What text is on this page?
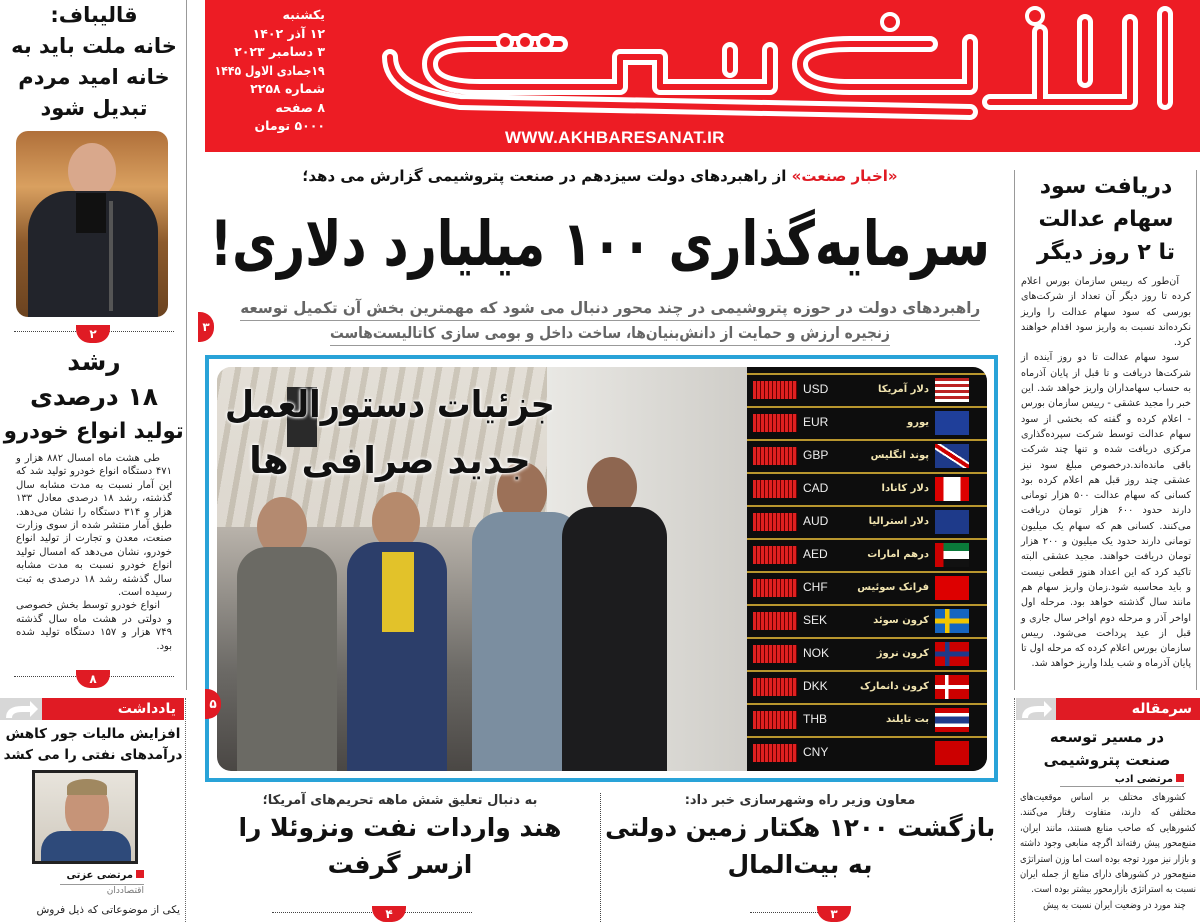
قالیباف:
خانه ملت باید به
خانه امید مردم
تبدیل شود
۲
رشد
۱۸ درصدی
تولید انواع خودرو

طی هشت ماه امسال ۸۸۲ هزار و ۴۷۱ دستگاه انواع خودرو تولید شد که این آمار نسبت به مدت مشابه سال گذشته، رشد ۱۸ درصدی معادل ۱۳۳ هزار و ۳۱۴ دستگاه را نشان می‌دهد. طبق آمار منتشر شده از سوی وزارت صنعت، معدن و تجارت از تولید انواع خودرو، نشان می‌دهد که امسال تولید انواع خودرو نسبت به مدت مشابه سال گذشته رشد ۱۸ درصدی به ثبت رسیده است.

انواع خودرو توسط بخش خصوصی و دولتی در هشت ماه سال گذشته ۷۴۹ هزار و ۱۵۷ دستگاه تولید شده بود.

۸
یادداشت
افزایش مالیات جور کاهش
درآمدهای نفتی را می کشد
مرتضی عزتی
اقتصاددان
یکی از موضوعاتی که ذیل فروش
یکشنبه
۱۲ آذر ۱۴۰۲
۳ دسامبر ۲۰۲۳
۱۹جمادی الاول ۱۴۴۵
شماره ۲۲۵۸
۸ صفحه
۵۰۰۰ تومان
WWW.AKHBARESANAT.IR
«اخبار صنعت» از راهبردهای دولت سیزدهم در صنعت پتروشیمی گزارش می دهد؛
سرمایه‌گذاری ۱۰۰ میلیارد دلاری!
راهبردهای دولت در حوزه پتروشیمی در چند محور دنبال می شود که مهمترین بخش آن تکمیل توسعه
زنجیره ارزش و حمایت از دانش‌بنیان‌ها، ساخت داخل و بومی سازی کاتالیست‌هاست
۳
USD	دلار آمریکا
EUR	یورو
GBP	پوند انگلیس
CAD	دلار کانادا
AUD	دلار استرالیا
AED	درهم امارات
CHF	فرانک سوئیس
SEK	کرون سوئد
NOK	کرون نروژ
DKK	کرون دانمارک
THB	بت تایلند
CNY
جزئیات دستورالعمل
جدید صرافی ها
۵
معاون وزیر راه وشهرسازی خبر داد:
بازگشت ۱۲۰۰ هکتار زمین دولتی
به بیت‌المال
۳
به دنبال تعلیق شش ماهه تحریم‌های آمریکا؛
هند واردات نفت ونزوئلا را
ازسر گرفت
۴
دریافت سود
سهام عدالت
تا ۲ روز دیگر

آن‌طور که رییس سازمان بورس اعلام کرده تا روز دیگر آن تعداد از شرکت‌های بورسی که سود سهام عدالت را واریز نکرده‌اند نسبت به واریز سود اقدام خواهند کرد.

سود سهام عدالت تا دو روز آینده از شرکت‌ها دریافت و تا قبل از پایان آذرماه به حساب سهامداران واریز خواهد شد. این خبر را مجید عشقی - رییس سازمان بورس - اعلام کرده و گفته که بخشی از سود سهام عدالت توسط شرکت سپرده‌گذاری مرکزی دریافت شده و تنها چند شرکت باقی مانده‌اند.درخصوص مبلغ سود نیز عشقی چند روز قبل هم اعلام کرده بود کسانی که سهام عدالت ۵۰۰ هزار تومانی دارند حدود ۶۰۰ هزار تومان دریافت می‌کنند. کسانی هم که سهام یک میلیون تومانی دارند حدود یک میلیون و ۲۰۰ هزار تومان دریافت خواهند. مجید عشقی البته تاکید کرد که این اعداد هنوز قطعی نیست و باید محاسبه شود.زمان واریز سهام هم مانند سال گذشته خواهد بود. مرحله اول اواخر آذر و مرحله دوم اواخر سال جاری و قبل از عید پرداخت می‌شود. رییس سازمان بورس اعلام کرده که مرحله اول تا پایان آذرماه و شب یلدا واریز خواهد شد.

سرمقاله
در مسیر توسعه
صنعت پتروشیمی
مرتضی ادب

کشورهای مختلف بر اساس موقعیت‌های مختلفی که دارند، متفاوت رفتار می‌کنند. کشورهایی که صاحب منابع هستند، مانند ایران، منبع‌محور پیش رفته‌اند اگرچه منابعی وجود داشته و بازار نیز مورد توجه بوده است اما وزن استراتژی منبع‌محور در کشورهای دارای منابع از جمله ایران نسبت به استراتژی بازارمحور بیشتر بوده است.

چند مورد در وضعیت ایران نسبت به پیش
